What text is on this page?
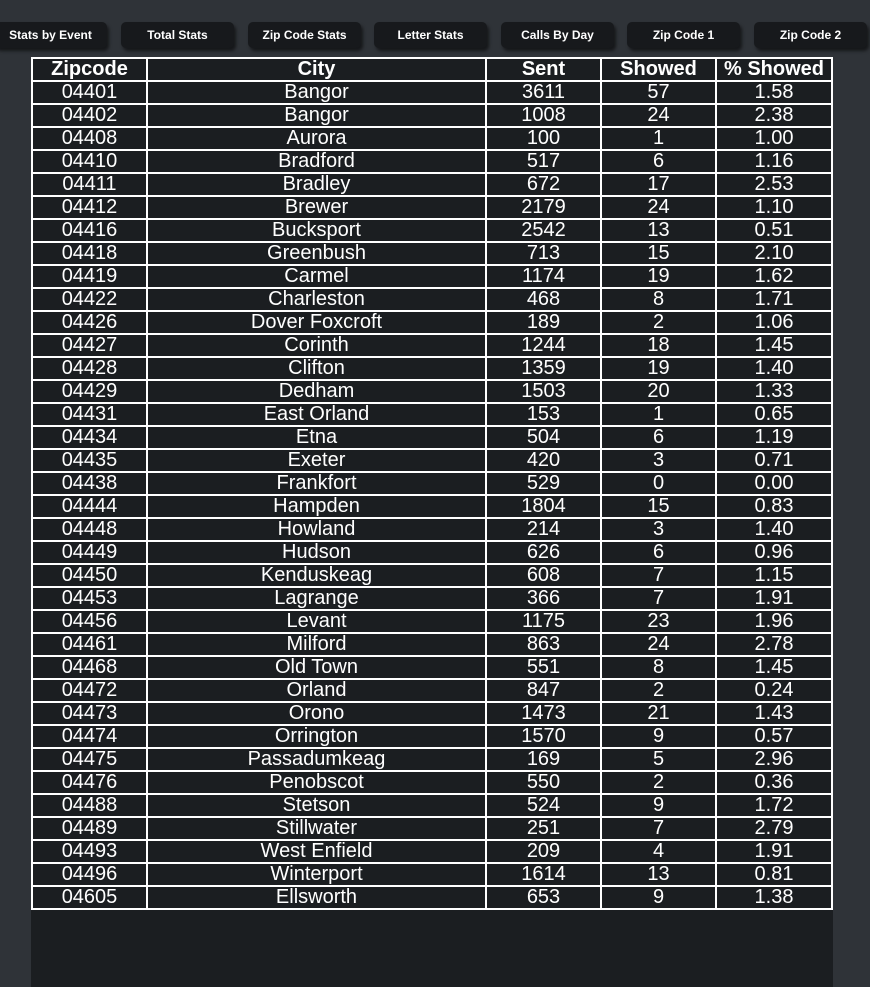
Stats by Event	Total Stats	Zip Code Stats	Letter Stats	Calls By Day	Zip Code 1	Zip Code 2
Zipcode	City	Sent	Showed	% Showed
04401	Bangor	3611	57	1.58
04402	Bangor	1008	24	2.38
04408	Aurora	100	1	1.00
04410	Bradford	517	6	1.16
04411	Bradley	672	17	2.53
04412	Brewer	2179	24	1.10
04416	Bucksport	2542	13	0.51
04418	Greenbush	713	15	2.10
04419	Carmel	1174	19	1.62
04422	Charleston	468	8	1.71
04426	Dover Foxcroft	189	2	1.06
04427	Corinth	1244	18	1.45
04428	Clifton	1359	19	1.40
04429	Dedham	1503	20	1.33
04431	East Orland	153	1	0.65
04434	Etna	504	6	1.19
04435	Exeter	420	3	0.71
04438	Frankfort	529	0	0.00
04444	Hampden	1804	15	0.83
04448	Howland	214	3	1.40
04449	Hudson	626	6	0.96
04450	Kenduskeag	608	7	1.15
04453	Lagrange	366	7	1.91
04456	Levant	1175	23	1.96
04461	Milford	863	24	2.78
04468	Old Town	551	8	1.45
04472	Orland	847	2	0.24
04473	Orono	1473	21	1.43
04474	Orrington	1570	9	0.57
04475	Passadumkeag	169	5	2.96
04476	Penobscot	550	2	0.36
04488	Stetson	524	9	1.72
04489	Stillwater	251	7	2.79
04493	West Enfield	209	4	1.91
04496	Winterport	1614	13	0.81
04605	Ellsworth	653	9	1.38
